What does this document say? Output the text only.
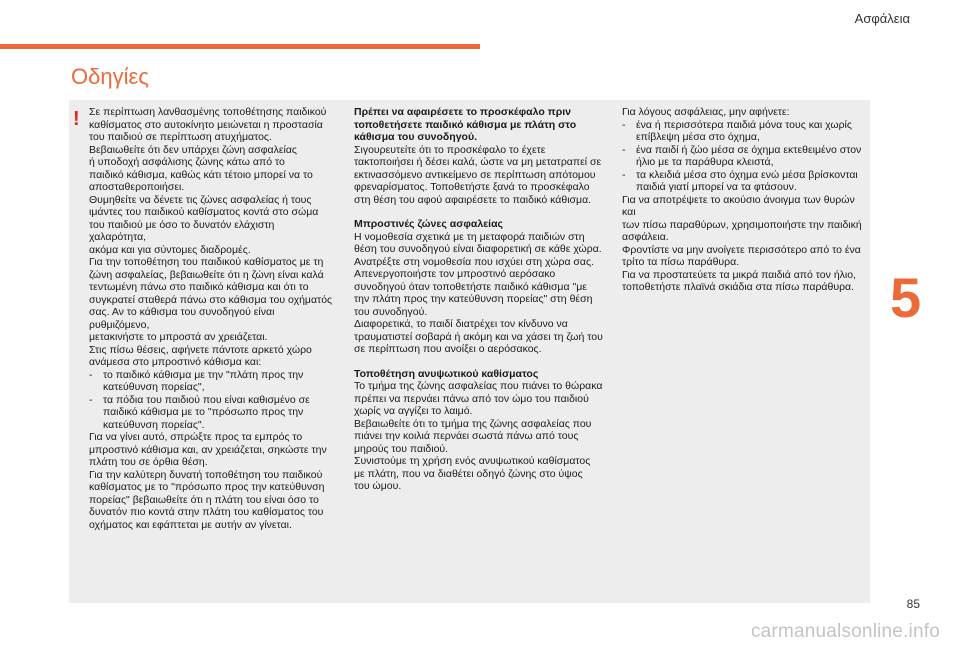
Ασφάλεια
5
Οδηγίες
! Σε περίπτωση λανθασμένης τοποθέτησης παιδικού

καθίσματος στο αυτοκίνητο μειώνεται η προστασία

του παιδιού σε περίπτωση ατυχήματος.

Βεβαιωθείτε ότι δεν υπάρχει ζώνη ασφαλείας

ή υποδοχή ασφάλισης ζώνης κάτω από το

παιδικό κάθισμα, καθώς κάτι τέτοιο μπορεί να το

αποσταθεροποιήσει.

Θυμηθείτε να δένετε τις ζώνες ασφαλείας ή τους

ιμάντες του παιδικού καθίσματος κοντά στο σώμα

του παιδιού με όσο το δυνατόν ελάχιστη χαλαρότητα,

ακόμα και για σύντομες διαδρομές.

Για την τοποθέτηση του παιδικού καθίσματος με τη

ζώνη ασφαλείας, βεβαιωθείτε ότι η ζώνη είναι καλά

τεντωμένη πάνω στο παιδικό κάθισμα και ότι το

συγκρατεί σταθερά πάνω στο κάθισμα του οχήματός

σας. Αν το κάθισμα του συνοδηγού είναι ρυθμιζόμενο,

μετακινήστε το μπροστά αν χρειάζεται.

Στις πίσω θέσεις, αφήνετε πάντοτε αρκετό χώρο

ανάμεσα στο μπροστινό κάθισμα και:

- το παιδικό κάθισμα με την "πλάτη προς την

κατεύθυνση πορείας",

- τα πόδια του παιδιού που είναι καθισμένο σε

παιδικό κάθισμα με το "πρόσωπο προς την

κατεύθυνση πορείας".

Για να γίνει αυτό, σπρώξτε προς τα εμπρός το

μπροστινό κάθισμα και, αν χρειάζεται, σηκώστε την

πλάτη του σε όρθια θέση.

Για την καλύτερη δυνατή τοποθέτηση του παιδικού

καθίσματος με το "πρόσωπο προς την κατεύθυνση

πορείας" βεβαιωθείτε ότι η πλάτη του είναι όσο το

δυνατόν πιο κοντά στην πλάτη του καθίσματος του

οχήματος και εφάπτεται με αυτήν αν γίνεται.

Πρέπει να αφαιρέσετε το προσκέφαλο πριν

τοποθετήσετε παιδικό κάθισμα με πλάτη στο

κάθισμα του συνοδηγού.

Σιγουρευτείτε ότι το προσκέφαλο το έχετε

τακτοποιήσει ή δέσει καλά, ώστε να μη μετατραπεί σε

εκτινασσόμενο αντικείμενο σε περίπτωση απότομου

φρεναρίσματος. Τοποθετήστε ξανά το προσκέφαλο

στη θέση του αφού αφαιρέσετε το παιδικό κάθισμα.

Μπροστινές ζώνες ασφαλείας

Η νομοθεσία σχετικά με τη μεταφορά παιδιών στη

θέση του συνοδηγού είναι διαφορετική σε κάθε χώρα.

Ανατρέξτε στη νομοθεσία που ισχύει στη χώρα σας.

Απενεργοποιήστε τον μπροστινό αερόσακο

συνοδηγού όταν τοποθετήστε παιδικό κάθισμα "με

την πλάτη προς την κατεύθυνση πορείας" στη θέση

του συνοδηγού.

Διαφορετικά, το παιδί διατρέχει τον κίνδυνο να

τραυματιστεί σοβαρά ή ακόμη και να χάσει τη ζωή του

σε περίπτωση που ανοίξει ο αερόσακος.

Τοποθέτηση ανυψωτικού καθίσματος

Το τμήμα της ζώνης ασφαλείας που πιάνει το θώρακα

πρέπει να περνάει πάνω από τον ώμο του παιδιού

χωρίς να αγγίζει το λαιμό.

Βεβαιωθείτε ότι το τμήμα της ζώνης ασφαλείας που

πιάνει την κοιλιά περνάει σωστά πάνω από τους

μηρούς του παιδιού.

Συνιστούμε τη χρήση ενός ανυψωτικού καθίσματος

με πλάτη, που να διαθέτει οδηγό ζώνης στο ύψος

του ώμου.

Για λόγους ασφάλειας, μην αφήνετε:

- ένα ή περισσότερα παιδιά μόνα τους και χωρίς

επίβλεψη μέσα στο όχημα,

- ένα παιδί ή ζώο μέσα σε όχημα εκτεθειμένο στον

ήλιο με τα παράθυρα κλειστά,

- τα κλειδιά μέσα στο όχημα ενώ μέσα βρίσκονται

παιδιά γιατί μπορεί να τα φτάσουν.

Για να αποτρέψετε το ακούσιο άνοιγμα των θυρών και

των πίσω παραθύρων, χρησιμοποιήστε την παιδική

ασφάλεια.

Φροντίστε να μην ανοίγετε περισσότερο από το ένα

τρίτο τα πίσω παράθυρα.

Για να προστατεύετε τα μικρά παιδιά από τον ήλιο,

τοποθετήστε πλαϊνά σκιάδια στα πίσω παράθυρα.

85
carmanualsonline.info
